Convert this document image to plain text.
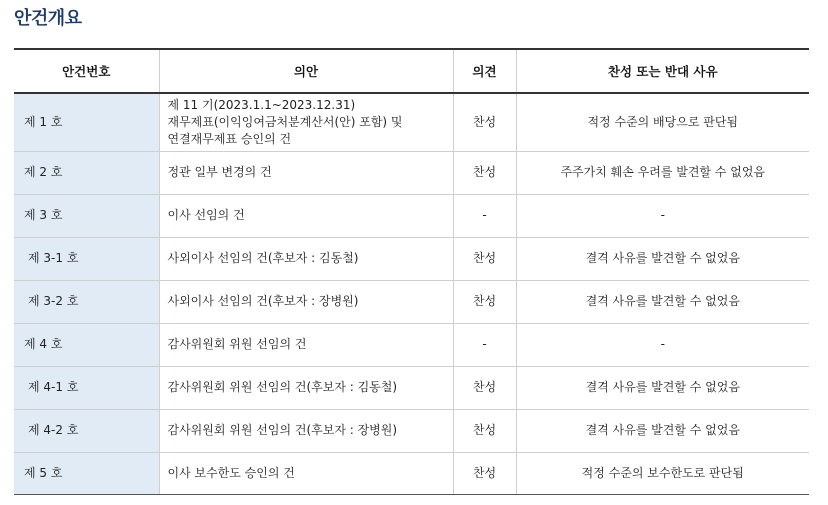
안건개요
안건번호	의안	의견	찬성 또는 반대 사유
제 1 호	제 11 기(2023.1.1~2023.12.31)
재무제표(이익잉여금처분계산서(안) 포함) 및
연결재무제표 승인의 건	찬성	적정 수준의 배당으로 판단됨
제 2 호	정관 일부 변경의 건	찬성	주주가치 훼손 우려를 발견할 수 없었음
제 3 호	이사 선임의 건	-	-
제 3-1 호	사외이사 선임의 건(후보자 : 김동철)	찬성	결격 사유를 발견할 수 없었음
제 3-2 호	사외이사 선임의 건(후보자 : 장병원)	찬성	결격 사유를 발견할 수 없었음
제 4 호	감사위원회 위원 선임의 건	-	-
제 4-1 호	감사위원회 위원 선임의 건(후보자 : 김동철)	찬성	결격 사유를 발견할 수 없었음
제 4-2 호	감사위원회 위원 선임의 건(후보자 : 장병원)	찬성	결격 사유를 발견할 수 없었음
제 5 호	이사 보수한도 승인의 건	찬성	적정 수준의 보수한도로 판단됨
